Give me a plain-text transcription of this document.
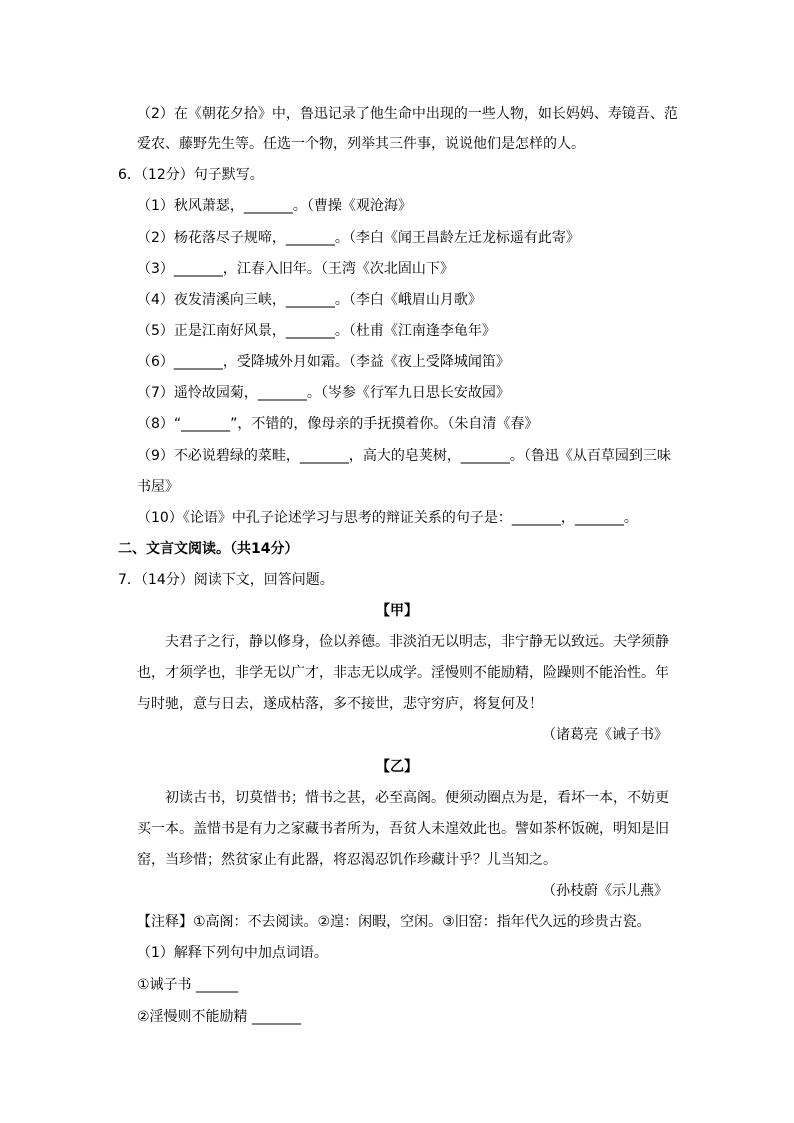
（2）在《朝花夕拾》中，鲁迅记录了他生命中出现的一些人物，如长妈妈、寿镜吾、范
爱农、藤野先生等。任选一个物，列举其三件事，说说他们是怎样的人。
6．（12分）句子默写。
（1）秋风萧瑟，_______。（曹操《观沧海》
（2）杨花落尽子规啼，_______。（李白《闻王昌龄左迁龙标遥有此寄》
（3）_______，江春入旧年。（王湾《次北固山下》
（4）夜发清溪向三峡，_______。（李白《峨眉山月歌》
（5）正是江南好风景，_______。（杜甫《江南逢李龟年》
（6）_______，受降城外月如霜。（李益《夜上受降城闻笛》
（7）遥怜故园菊，_______。（岑参《行军九日思长安故园》
（8）“_______”，不错的，像母亲的手抚摸着你。（朱自清《春》
（9）不必说碧绿的菜畦，_______，高大的皂荚树，_______。（鲁迅《从百草园到三味
书屋》
（10）《论语》中孔子论述学习与思考的辩证关系的句子是：_______，_______。
二、文言文阅读。（共14分）
7．（14分）阅读下文，回答问题。
【甲】
夫君子之行，静以修身，俭以养德。非淡泊无以明志，非宁静无以致远。夫学须静
也，才须学也，非学无以广才，非志无以成学。淫慢则不能励精，险躁则不能治性。年
与时驰，意与日去，遂成枯落，多不接世，悲守穷庐，将复何及！
（诸葛亮《诫子书》
【乙】
初读古书，切莫惜书；惜书之甚，必至高阁。便须动圈点为是，看坏一本，不妨更
买一本。盖惜书是有力之家藏书者所为，吾贫人未遑效此也。譬如茶杯饭碗，明知是旧
窑，当珍惜；然贫家止有此器，将忍渴忍饥作珍藏计乎？儿当知之。
（孙枝蔚《示儿燕》
【注释】①高阁：不去阅读。②遑：闲暇，空闲。③旧窑：指年代久远的珍贵古瓷。
（1）解释下列句中加点词语。
①诫子书 ______
②淫慢则不能励精 _______
